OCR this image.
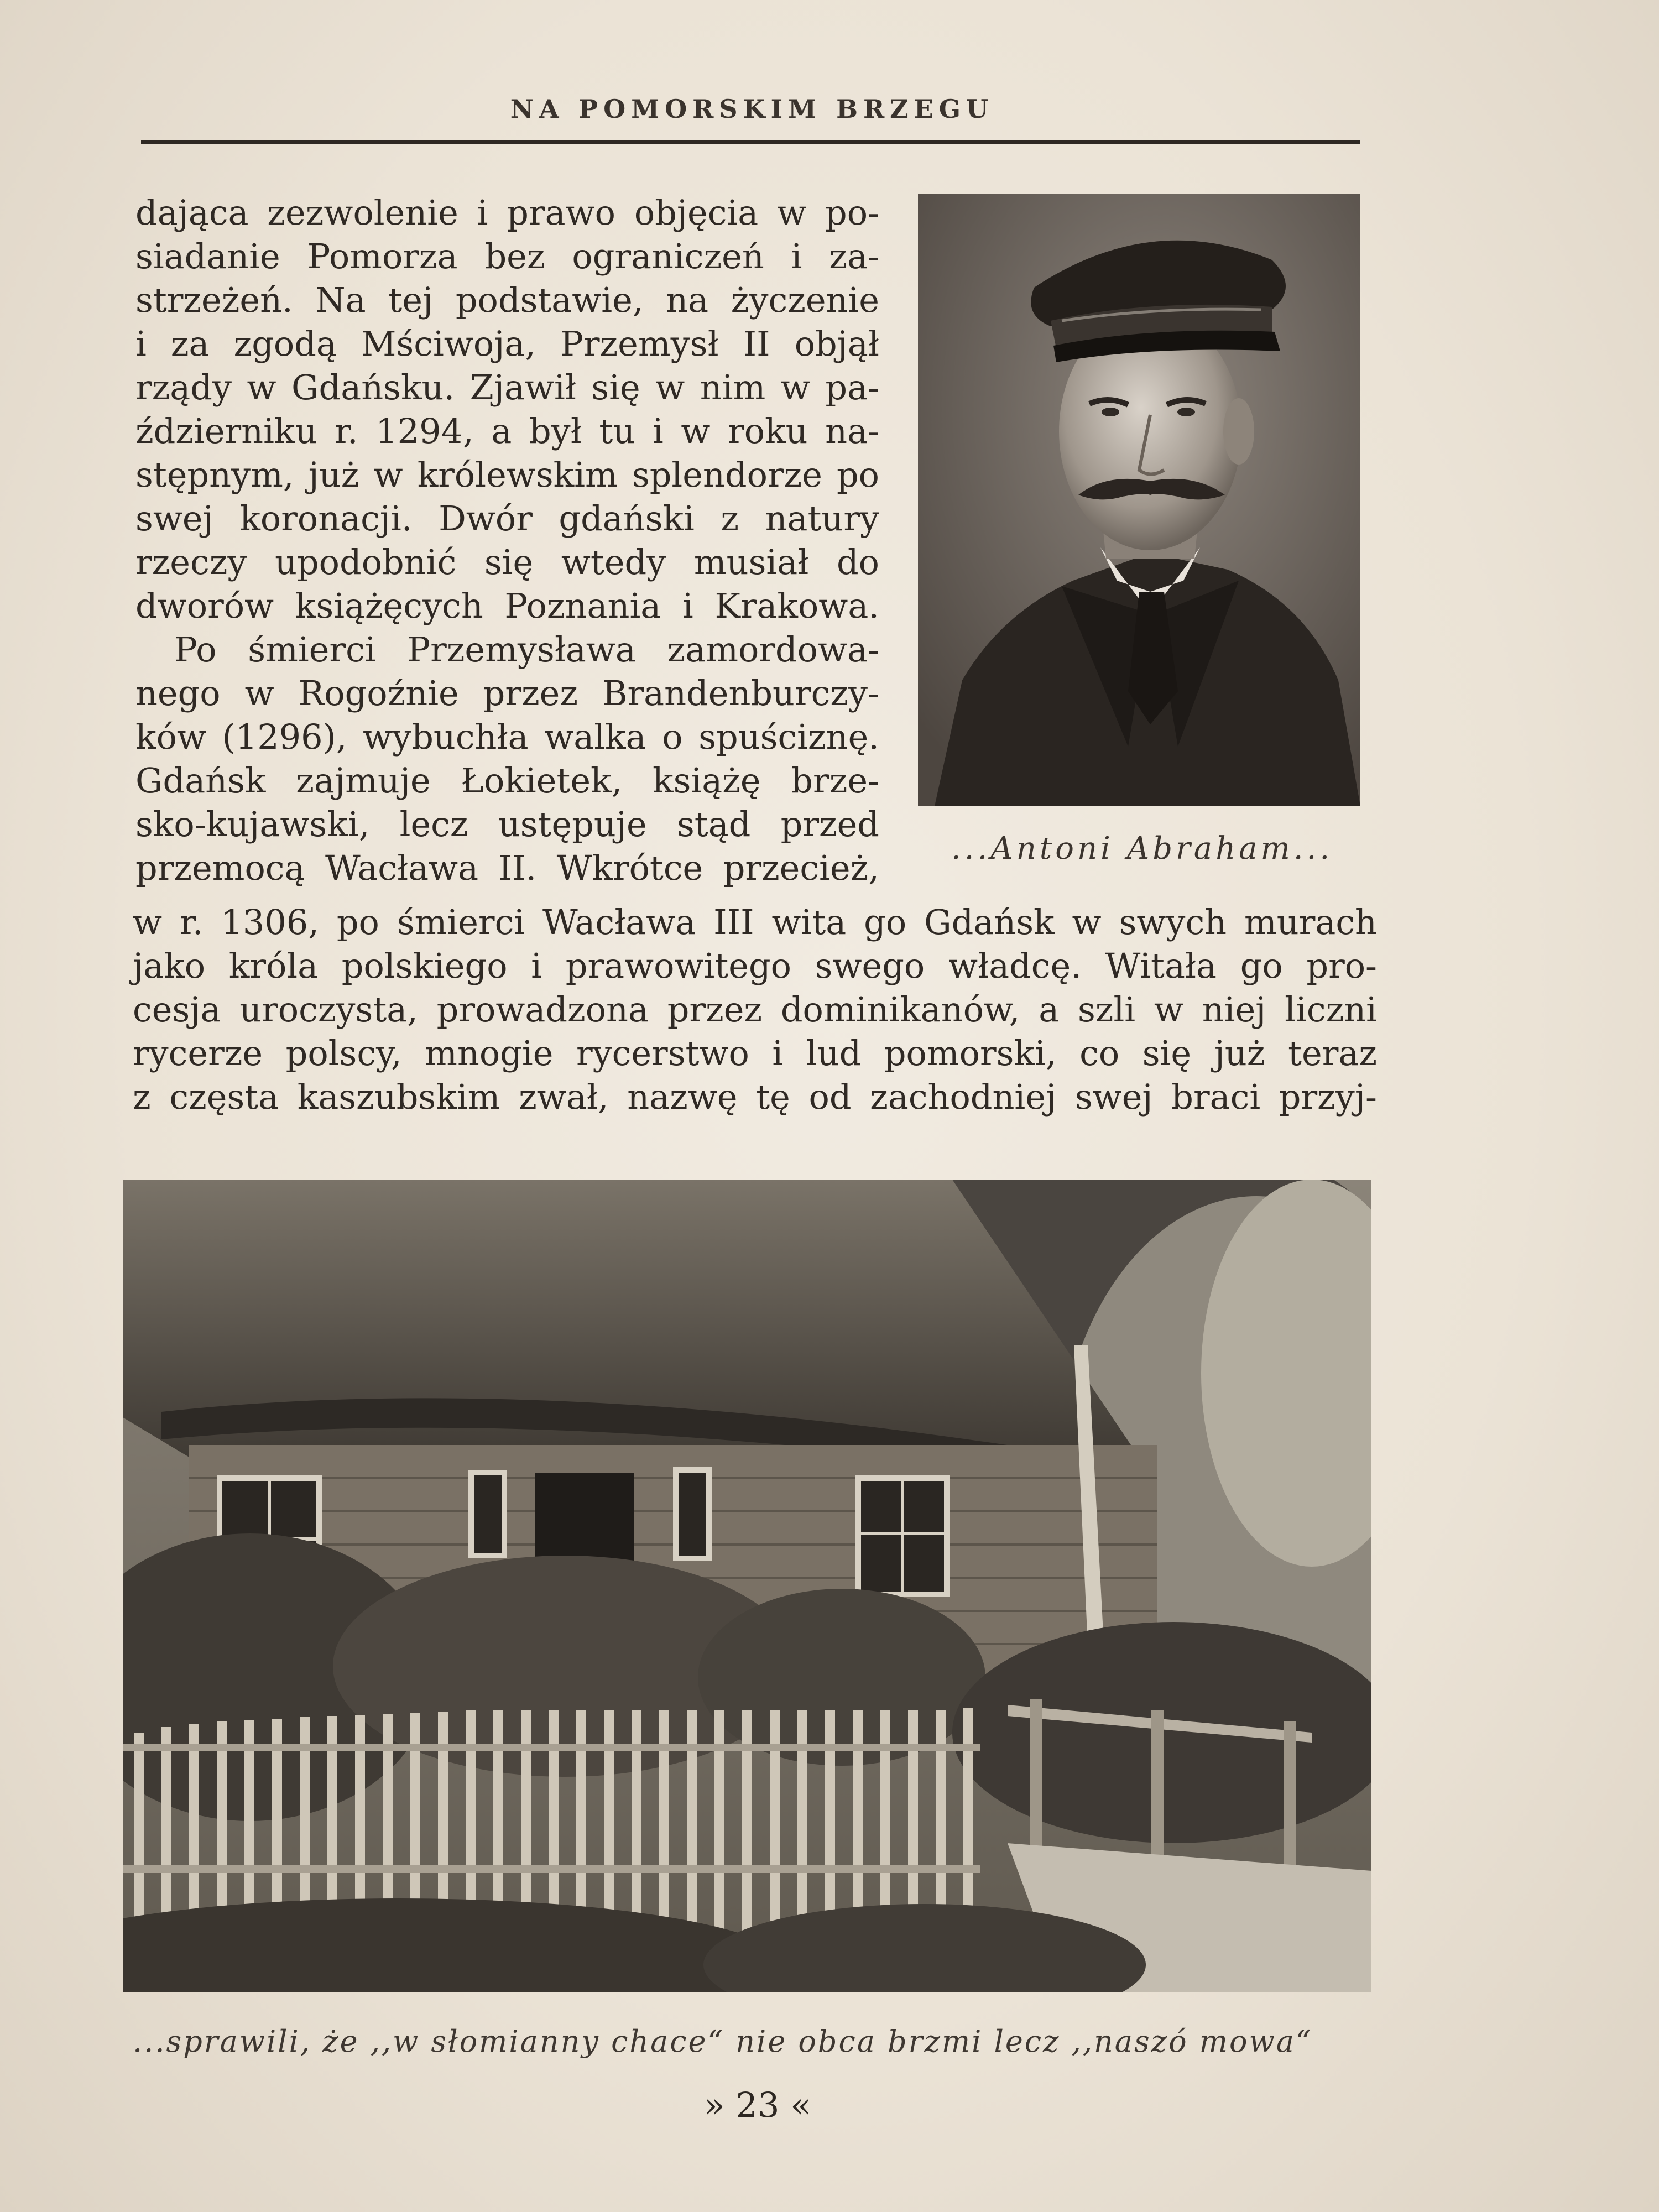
NA POMORSKIM BRZEGU
dająca zezwolenie i prawo objęcia w po-
siadanie Pomorza bez ograniczeń i za-
strzeżeń. Na tej podstawie, na życzenie
i za zgodą Mściwoja, Przemysł II objął
rządy w Gdańsku. Zjawił się w nim w pa-
ździerniku r. 1294, a był tu i w roku na-
stępnym, już w królewskim splendorze po
swej koronacji. Dwór gdański z natury
rzeczy upodobnić się wtedy musiał do
dworów książęcych Poznania i Krakowa.
Po śmierci Przemysława zamordowa-
nego w Rogoźnie przez Brandenburczy-
ków (1296), wybuchła walka o spuściznę.
Gdańsk zajmuje Łokietek, książę brze-
sko-kujawski, lecz ustępuje stąd przed
przemocą Wacława II. Wkrótce przecież,	...Antoni Abraham...
w r. 1306, po śmierci Wacława III wita go Gdańsk w swych murach
jako króla polskiego i prawowitego swego władcę. Witała go pro-
cesja uroczysta, prowadzona przez dominikanów, a szli w niej liczni
rycerze polscy, mnogie rycerstwo i lud pomorski, co się już teraz
z częsta kaszubskim zwał, nazwę tę od zachodniej swej braci przyj-
...sprawili, że ,,w słomianny chace“ nie obca brzmi lecz ,,naszó mowa“
» 23 «
